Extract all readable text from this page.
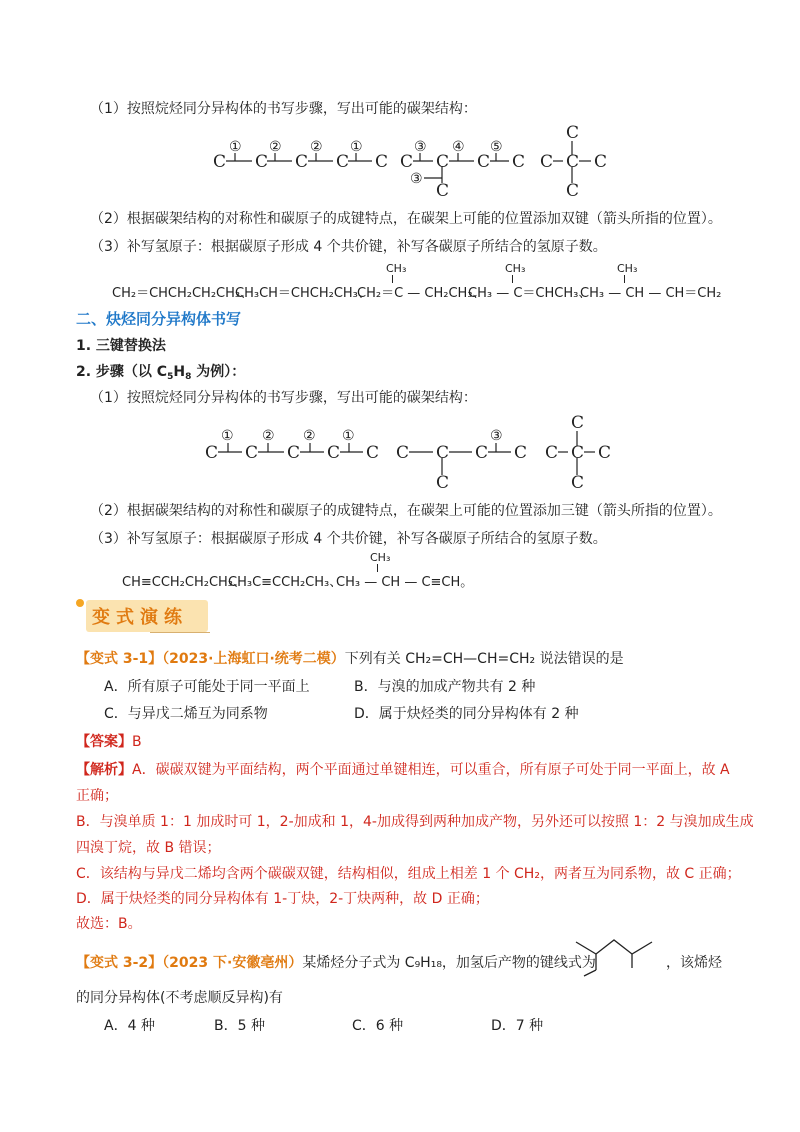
（1）按照烷烃同分异构体的书写步骤，写出可能的碳架结构：
C C C C C C C C C
C
C C C
C
C
① ② ② ①	③ ④ ⑤
③
（2）根据碳架结构的对称性和碳原子的成键特点，在碳架上可能的位置添加双键（箭头所指的位置）。
（3）补写氢原子：根据碳原子形成 4 个共价键，补写各碳原子所结合的氢原子数。
CH₂＝CHCH₂CH₂CH₃、
CH₃CH＝CHCH₂CH₃、
CH₂＝C — CH₂CH₃、
CH₃
CH₃ — C＝CHCH₃、
CH₃
CH₃ — CH — CH＝CH₂
CH₃
二、炔烃同分异构体书写
1. 三键替换法
2. 步骤（以 $C_5H_8$ 为例）：
（1）按照烷烃同分异构体的书写步骤，写出可能的碳架结构：
C C C C C C C C C
C
C C C
C
C
① ② ② ①	③
（2）根据碳架结构的对称性和碳原子的成键特点，在碳架上可能的位置添加三键（箭头所指的位置）。
（3）补写氢原子：根据碳原子形成 4 个共价键，补写各碳原子所结合的氢原子数。
CH≡CCH₂CH₂CH₃、
CH₃C≡CCH₂CH₃、
CH₃ — CH — C≡CH。
CH₃
变式演练
【变式 3-1】（2023·上海虹口·统考二模）下列有关 CH₂=CH—CH=CH₂ 说法错误的是
A．所有原子可能处于同一平面上	B．与溴的加成产物共有 2 种
C．与异戊二烯互为同系物	D．属于炔烃类的同分异构体有 2 种
【答案】B
【解析】A．碳碳双键为平面结构，两个平面通过单键相连，可以重合，所有原子可处于同一平面上，故 A
正确；
B．与溴单质 1：1 加成时可 1，2-加成和 1，4-加成得到两种加成产物，另外还可以按照 1：2 与溴加成生成
四溴丁烷，故 B 错误；
C．该结构与异戊二烯均含两个碳碳双键，结构相似，组成上相差 1 个 CH₂，两者互为同系物，故 C 正确；
D．属于炔烃类的同分异构体有 1-丁炔，2-丁炔两种，故 D 正确；
故选：B。
【变式 3-2】（2023 下·安徽亳州）某烯烃分子式为 C₉H₁₈，加氢后产物的键线式为	，该烯烃
的同分异构体(不考虑顺反异构)有
A．4 种	B．5 种	C．6 种	D．7 种
